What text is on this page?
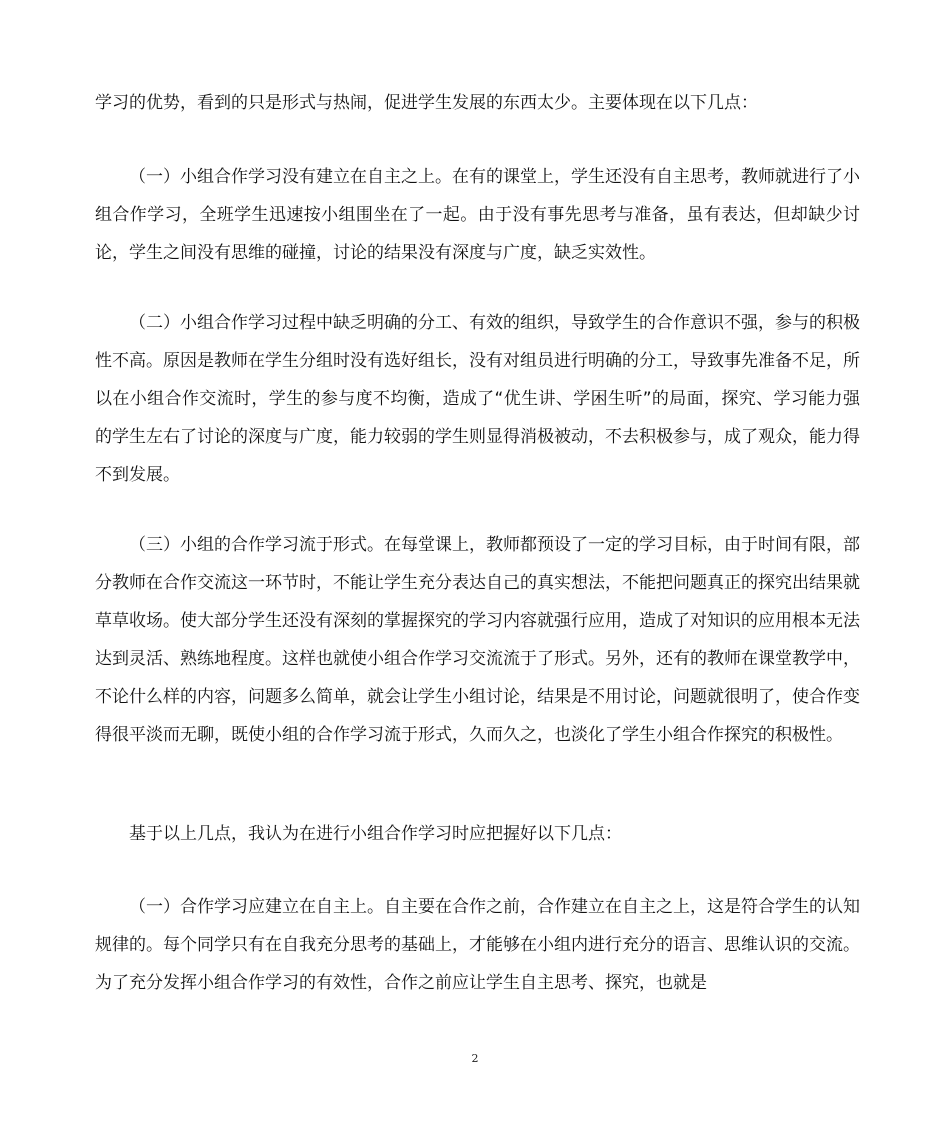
学习的优势，看到的只是形式与热闹，促进学生发展的东西太少。主要体现在以下几点：

（一）小组合作学习没有建立在自主之上。在有的课堂上，学生还没有自主思考，教师就进行了小组合作学习，全班学生迅速按小组围坐在了一起。由于没有事先思考与准备，虽有表达，但却缺少讨论，学生之间没有思维的碰撞，讨论的结果没有深度与广度，缺乏实效性。

（二）小组合作学习过程中缺乏明确的分工、有效的组织，导致学生的合作意识不强，参与的积极性不高。原因是教师在学生分组时没有选好组长，没有对组员进行明确的分工，导致事先准备不足，所以在小组合作交流时，学生的参与度不均衡，造成了“优生讲、学困生听”的局面，探究、学习能力强的学生左右了讨论的深度与广度，能力较弱的学生则显得消极被动，不去积极参与，成了观众，能力得不到发展。

（三）小组的合作学习流于形式。在每堂课上，教师都预设了一定的学习目标，由于时间有限，部分教师在合作交流这一环节时，不能让学生充分表达自己的真实想法，不能把问题真正的探究出结果就草草收场。使大部分学生还没有深刻的掌握探究的学习内容就强行应用，造成了对知识的应用根本无法达到灵活、熟练地程度。这样也就使小组合作学习交流流于了形式。另外，还有的教师在课堂教学中，不论什么样的内容，问题多么简单，就会让学生小组讨论，结果是不用讨论，问题就很明了，使合作变得很平淡而无聊，既使小组的合作学习流于形式，久而久之，也淡化了学生小组合作探究的积极性。

基于以上几点，我认为在进行小组合作学习时应把握好以下几点：

（一）合作学习应建立在自主上。自主要在合作之前，合作建立在自主之上，这是符合学生的认知规律的。每个同学只有在自我充分思考的基础上，才能够在小组内进行充分的语言、思维认识的交流。为了充分发挥小组合作学习的有效性，合作之前应让学生自主思考、探究，也就是

2
